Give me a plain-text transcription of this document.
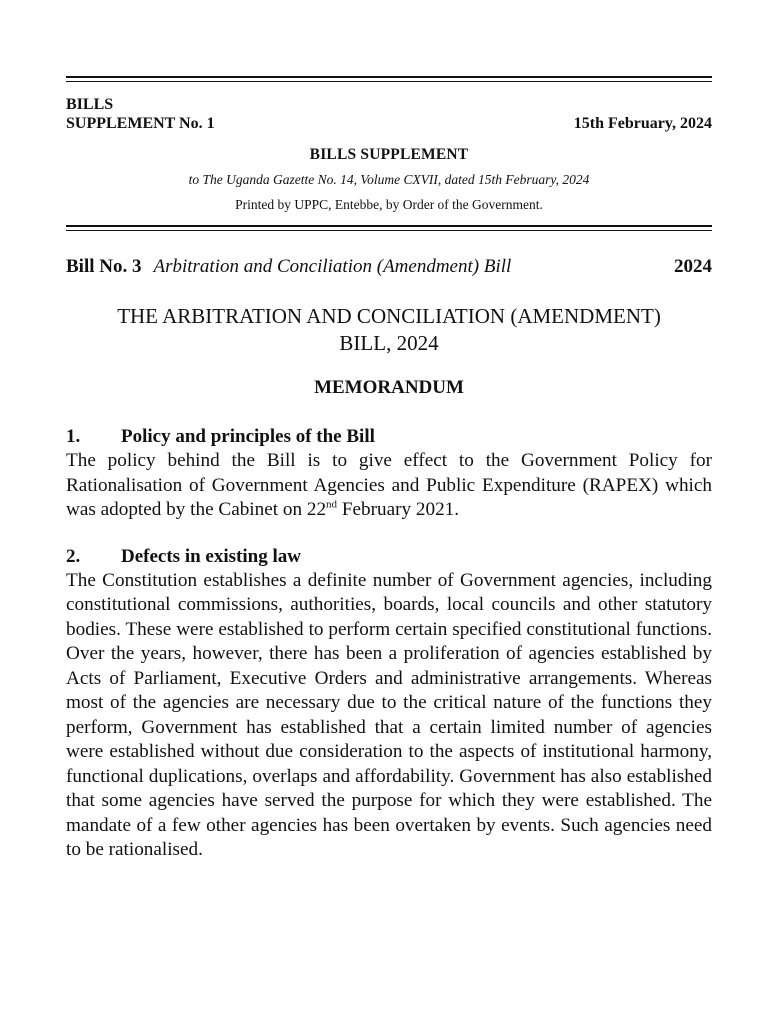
BILLS
SUPPLEMENT No. 1	15th February, 2024
BILLS SUPPLEMENT
to The Uganda Gazette No. 14, Volume CXVII, dated 15th February, 2024
Printed by UPPC, Entebbe, by Order of the Government.
Bill No. 3 Arbitration and Conciliation (Amendment) Bill	2024
THE ARBITRATION AND CONCILIATION (AMENDMENT)
BILL, 2024
MEMORANDUM
1. Policy and principles of the Bill
The policy behind the Bill is to give effect to the Government Policy for Rationalisation of Government Agencies and Public Expenditure (RAPEX) which was adopted by the Cabinet on 22nd February 2021.
2. Defects in existing law
The Constitution establishes a definite number of Government agencies, including constitutional commissions, authorities, boards, local councils and other statutory bodies. These were established to perform certain specified constitutional functions. Over the years, however, there has been a proliferation of agencies established by Acts of Parliament, Executive Orders and administrative arrangements. Whereas most of the agencies are necessary due to the critical nature of the functions they perform, Government has established that a certain limited number of agencies were established without due consideration to the aspects of institutional harmony, functional duplications, overlaps and affordability. Government has also established that some agencies have served the purpose for which they were established. The mandate of a few other agencies has been overtaken by events. Such agencies need to be rationalised.
